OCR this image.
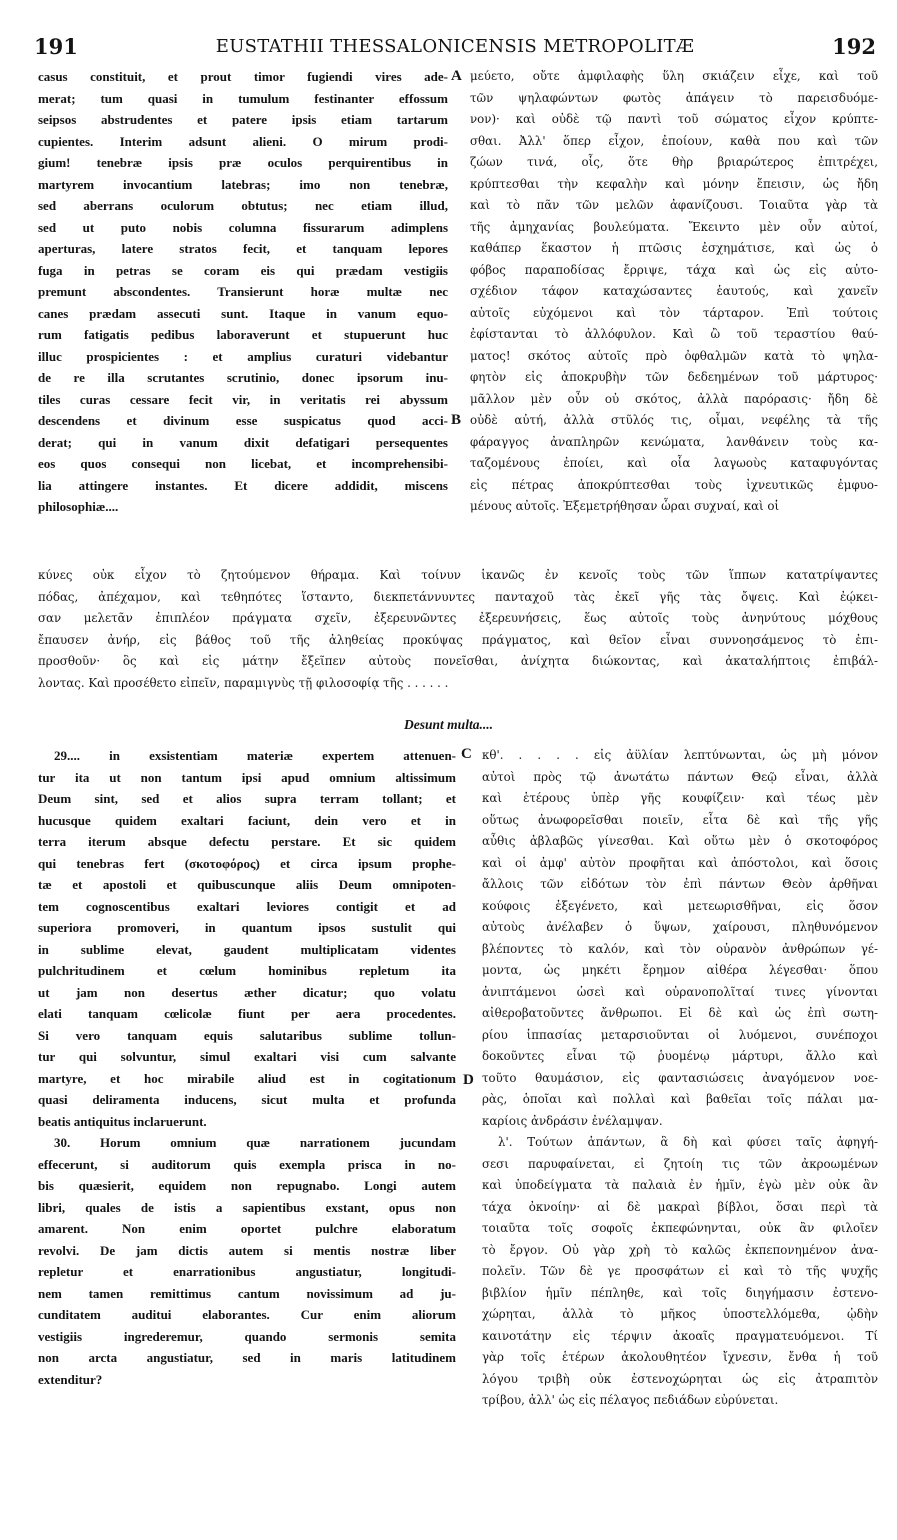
191	EUSTATHII THESSALONICENSIS METROPOLITÆ	192
casus constituit, et prout timor fugiendi vires ade-
merat; tum quasi in tumulum festinanter effossum
seipsos abstrudentes et patere ipsis etiam tartarum
cupientes. Interim adsunt alieni. O mirum prodi-
gium! tenebræ ipsis præ oculos perquirentibus in
martyrem invocantium latebras; imo non tenebræ,
sed aberrans oculorum obtutus; nec etiam illud,
sed ut puto nobis columna fissurarum adimplens
aperturas, latere stratos fecit, et tanquam lepores
fuga in petras se coram eis qui prædam vestigiis
premunt abscondentes. Transierunt horæ multæ nec
canes prædam assecuti sunt. Itaque in vanum equo-
rum fatigatis pedibus laboraverunt et stupuerunt huc
illuc prospicientes : et amplius curaturi videbantur
de re illa scrutantes scrutinio, donec ipsorum inu-
tiles curas cessare fecit vir, in veritatis rei abyssum
descendens et divinum esse suspicatus quod acci-
derat; qui in vanum dixit defatigari persequentes
eos quos consequi non licebat, et incomprehensibi-
lia attingere instantes. Et dicere addidit, miscens
philosophiæ....
μεύετο, οὔτε ἀμφιλαφὴς ὕλη σκιάζειν εἶχε, καὶ τοῦ
τῶν ψηλαφώντων φωτὸς ἀπάγειν τὸ παρεισδυόμε-
νον)· καὶ οὐδὲ τῷ παντὶ τοῦ σώματος εἶχον κρύπτε-
σθαι. Ἀλλ' ὅπερ εἶχον, ἐποίουν, καθὰ που καὶ τῶν
ζώων τινά, οἷς, ὅτε θὴρ βριαρώτερος ἐπιτρέχει,
κρύπτεσθαι τὴν κεφαλὴν καὶ μόνην ἔπεισιν, ὡς ἤδη
καὶ τὸ πᾶν τῶν μελῶν ἀφανίζουσι. Τοιαῦτα γὰρ τὰ
τῆς ἀμηχανίας βουλεύματα. Ἔκειντο μὲν οὖν αὐτοί,
καθάπερ ἕκαστον ἡ πτῶσις ἐσχημάτισε, καὶ ὡς ὁ
φόβος παραποδίσας ἔρριψε, τάχα καὶ ὡς εἰς αὐτο-
σχέδιον τάφον καταχώσαντες ἑαυτούς, καὶ χανεῖν
αὐτοῖς εὐχόμενοι καὶ τὸν τάρταρον. Ἐπὶ τούτοις
ἐφίστανται τὸ ἀλλόφυλον. Καὶ ὢ τοῦ τεραστίου θαύ-
ματος! σκότος αὐτοῖς πρὸ ὀφθαλμῶν κατὰ τὸ ψηλα-
φητὸν εἰς ἀποκρυβὴν τῶν δεδεημένων τοῦ μάρτυρος·
μᾶλλον μὲν οὖν οὐ σκότος, ἀλλὰ παρόρασις· ἤδη δὲ
οὐδὲ αὐτή, ἀλλὰ στῦλός τις, οἶμαι, νεφέλης τὰ τῆς
φάραγγος ἀναπληρῶν κενώματα, λανθάνειν τοὺς κα-
ταζομένους ἐποίει, καὶ οἷα λαγωοὺς καταφυγόντας
εἰς πέτρας ἀποκρύπτεσθαι τοὺς ἰχνευτικῶς ἐμφυο-
μένους αὐτοῖς. Ἐξεμετρήθησαν ὧραι συχναί, καὶ οἱ
A
B
κύνες οὐκ εἶχον τὸ ζητούμενον θήραμα. Καὶ τοίνυν ἱκανῶς ἐν κενοῖς τοὺς τῶν ἵππων κατατρίψαντες
πόδας, ἀπέχαμον, καὶ τεθηπότες ἵσταντο, διεκπετάννυντες πανταχοῦ τὰς ἐκεῖ γῆς τὰς ὄψεις. Καὶ ἐῴκει-
σαν μελετᾶν ἐπιπλέον πράγματα σχεῖν, ἐξερευνῶντες ἐξερευνήσεις, ἕως αὐτοῖς τοὺς ἀνηνύτους μόχθους
ἔπαυσεν ἀνήρ, εἰς βάθος τοῦ τῆς ἀληθείας προκύψας πράγματος, καὶ θεῖον εἶναι συννοησάμενος τὸ ἐπι-
προσθοῦν· ὃς καὶ εἰς μάτην ἔξεῖπεν αὐτοὺς πονεῖσθαι, ἀνίχητα διώκοντας, καὶ ἀκαταλήπτοις ἐπιβάλ-
λοντας. Καὶ προσέθετο εἰπεῖν, παραμιγνὺς τῇ φιλοσοφίᾳ τῆς . . . . . .
Desunt multa....
29.... in exsistentiam materiæ expertem attenuen-
tur ita ut non tantum ipsi apud omnium altissimum
Deum sint, sed et alios supra terram tollant; et
hucusque quidem exaltari faciunt, dein vero et in
terra iterum absque defectu perstare. Et sic quidem
qui tenebras fert (σκοτοφόρος) et circa ipsum prophe-
tæ et apostoli et quibuscunque aliis Deum omnipoten-
tem cognoscentibus exaltari leviores contigit et ad
superiora promoveri, in quantum ipsos sustulit qui
in sublime elevat, gaudent multiplicatam videntes
pulchritudinem et cœlum hominibus repletum ita
ut jam non desertus æther dicatur; quo volatu
elati tanquam cœlicolæ fiunt per aera procedentes.
Si vero tanquam equis salutaribus sublime tollun-
tur qui solvuntur, simul exaltari visi cum salvante
martyre, et hoc mirabile aliud est in cogitationum
quasi deliramenta inducens, sicut multa et profunda
beatis antiquitus inclaruerunt.
30. Horum omnium quæ narrationem jucundam
effecerunt, si auditorum quis exempla prisca in no-
bis quæsierit, equidem non repugnabo. Longi autem
libri, quales de istis a sapientibus exstant, opus non
amarent. Non enim oportet pulchre elaboratum
revolvi. De jam dictis autem si mentis nostræ liber
repletur et enarrationibus angustiatur, longitudi-
nem tamen remittimus cantum novissimum ad ju-
cunditatem auditui elaborantes. Cur enim aliorum
vestigiis ingrederemur, quando sermonis semita
non arcta angustiatur, sed in maris latitudinem
extenditur?
κθ'. . . . . εἰς ἀϋλίαν λεπτύνωνται, ὡς μὴ μόνον
αὐτοὶ πρὸς τῷ ἀνωτάτω πάντων Θεῷ εἶναι, ἀλλὰ
καὶ ἑτέρους ὑπὲρ γῆς κουφίζειν· καὶ τέως μὲν
οὕτως ἀνωφορεῖσθαι ποιεῖν, εἶτα δὲ καὶ τῆς γῆς
αὖθις ἀβλαβῶς γίνεσθαι. Καὶ οὕτω μὲν ὁ σκοτοφόρος
καὶ οἱ ἀμφ' αὐτὸν προφῆται καὶ ἀπόστολοι, καὶ ὅσοις
ἄλλοις τῶν εἰδότων τὸν ἐπὶ πάντων Θεὸν ἀρθῆναι
κούφοις ἐξεγένετο, καὶ μετεωρισθῆναι, εἰς ὅσον
αὐτοὺς ἀνέλαβεν ὁ ὕψων, χαίρουσι, πληθυνόμενον
βλέποντες τὸ καλόν, καὶ τὸν οὐρανὸν ἀνθρώπων γέ-
μοντα, ὡς μηκέτι ἔρημον αἰθέρα λέγεσθαι· ὅπου
ἀνιπτάμενοι ὡσεὶ καὶ οὐρανοπολῖταί τινες γίνονται
αἰθεροβατοῦντες ἄνθρωποι. Εἰ δὲ καὶ ὡς ἐπὶ σωτη-
ρίου ἱππασίας μεταρσιοῦνται οἱ λυόμενοι, συνέποχοι
δοκοῦντες εἶναι τῷ ῥυομένῳ μάρτυρι, ἄλλο καὶ
τοῦτο θαυμάσιον, εἰς φαντασιώσεις ἀναγόμενον νοε-
ρὰς, ὁποῖαι καὶ πολλαὶ καὶ βαθεῖαι τοῖς πάλαι μα-
καρίοις ἀνδράσιν ἐνέλαμψαν.
λ'. Τούτων ἁπάντων, ἃ δὴ καὶ φύσει ταῖς ἀφηγή-
σεσι παρυφαίνεται, εἰ ζητοίη τις τῶν ἀκροωμένων
καὶ ὑποδείγματα τὰ παλαιὰ ἐν ἡμῖν, ἐγὼ μὲν οὐκ ἂν
τάχα ὀκνοίην· αἱ δὲ μακραὶ βίβλοι, ὅσαι περὶ τὰ
τοιαῦτα τοῖς σοφοῖς ἐκπεφώνηνται, οὐκ ἂν φιλοῖεν
τὸ ἔργον. Οὐ γὰρ χρὴ τὸ καλῶς ἐκπεπονημένον ἀνα-
πολεῖν. Τῶν δὲ γε προσφάτων εἰ καὶ τὸ τῆς ψυχῆς
βιβλίον ἡμῖν πέπληθε, καὶ τοῖς διηγήμασιν ἐστενο-
χώρηται, ἀλλὰ τὸ μῆκος ὑποστελλόμεθα, ᾠδὴν
καινοτάτην εἰς τέρψιν ἀκοαῖς πραγματευόμενοι. Τί
γὰρ τοῖς ἑτέρων ἀκολουθητέον ἴχνεσιν, ἔνθα ἡ τοῦ
λόγου τριβὴ οὐκ ἐστενοχώρηται ὡς εἰς ἀτραπιτὸν
τρίβου, ἀλλ' ὡς εἰς πέλαγος πεδιάδων εὐρύνεται.
C
D
